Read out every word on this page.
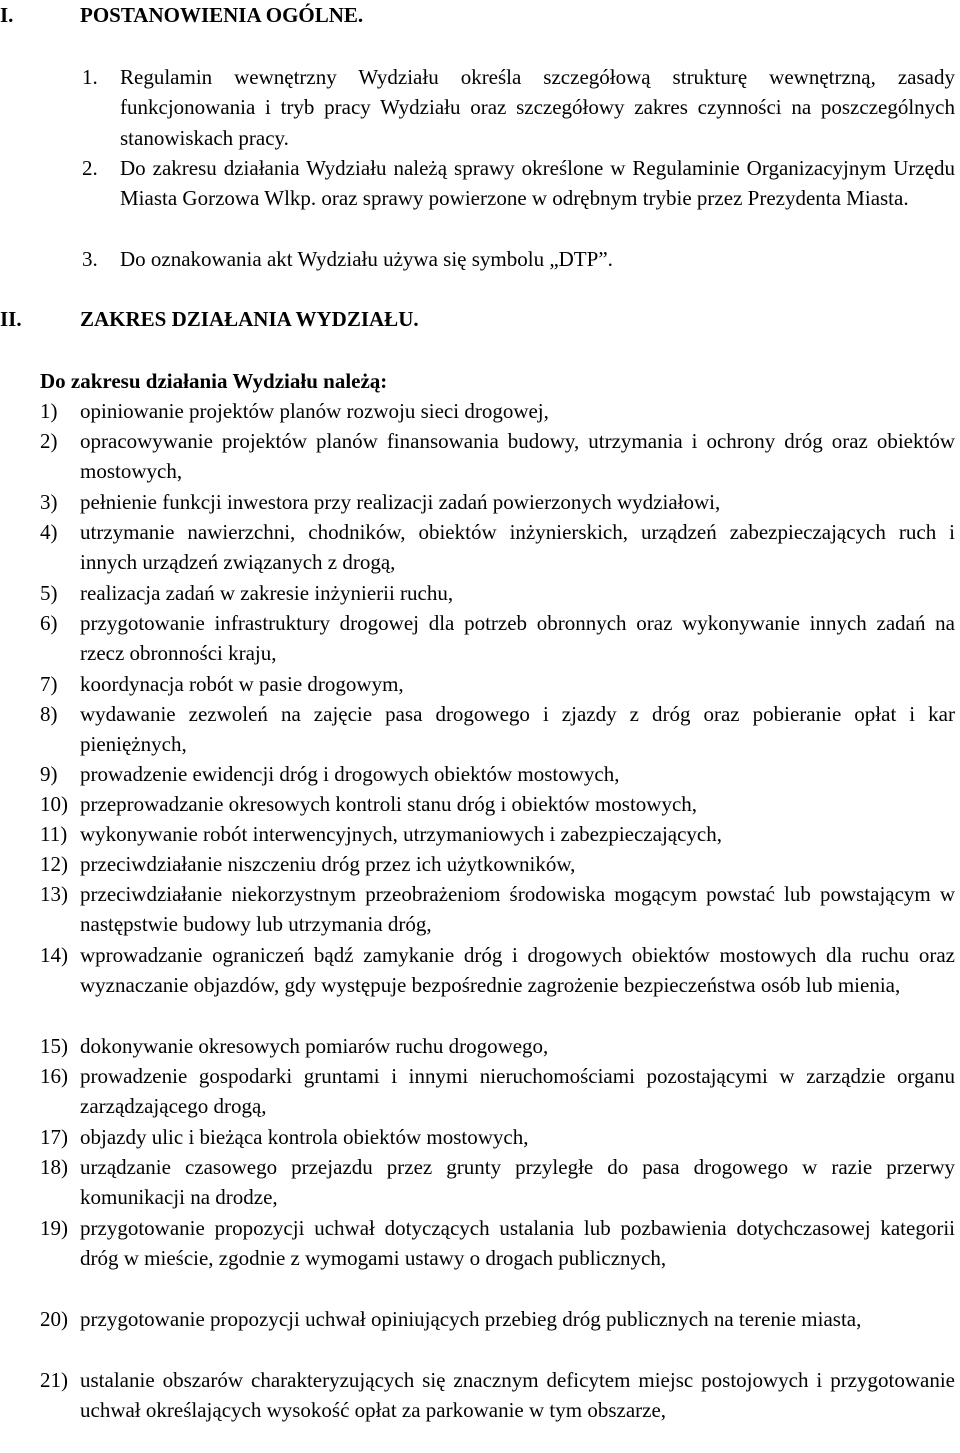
I.	POSTANOWIENIA OGÓLNE.
1. Regulamin wewnętrzny Wydziału określa szczegółową strukturę wewnętrzną, zasady funkcjonowania i tryb pracy Wydziału oraz szczegółowy zakres czynności na poszczególnych stanowiskach pracy.
2. Do zakresu działania Wydziału należą sprawy określone w Regulaminie Organizacyjnym Urzędu Miasta Gorzowa Wlkp. oraz sprawy powierzone w odrębnym trybie przez Prezydenta Miasta.
3. Do oznakowania akt Wydziału używa się symbolu „DTP”.
II.	ZAKRES DZIAŁANIA WYDZIAŁU.
Do zakresu działania Wydziału należą:
1) opiniowanie projektów planów rozwoju sieci drogowej,
2) opracowywanie projektów planów finansowania budowy, utrzymania i ochrony dróg oraz obiektów mostowych,
3) pełnienie funkcji inwestora przy realizacji zadań powierzonych wydziałowi,
4) utrzymanie nawierzchni, chodników, obiektów inżynierskich, urządzeń zabezpieczających ruch i innych urządzeń związanych z drogą,
5) realizacja zadań w zakresie inżynierii ruchu,
6) przygotowanie infrastruktury drogowej dla potrzeb obronnych oraz wykonywanie innych zadań na rzecz obronności kraju,
7) koordynacja robót w pasie drogowym,
8) wydawanie zezwoleń na zajęcie pasa drogowego i zjazdy z dróg oraz pobieranie opłat i kar pieniężnych,
9) prowadzenie ewidencji dróg i drogowych obiektów mostowych,
10) przeprowadzanie okresowych kontroli stanu dróg i obiektów mostowych,
11) wykonywanie robót interwencyjnych, utrzymaniowych i zabezpieczających,
12) przeciwdziałanie niszczeniu dróg przez ich użytkowników,
13) przeciwdziałanie niekorzystnym przeobrażeniom środowiska mogącym powstać lub powstającym w następstwie budowy lub utrzymania dróg,
14) wprowadzanie ograniczeń bądź zamykanie dróg i drogowych obiektów mostowych dla ruchu oraz wyznaczanie objazdów, gdy występuje bezpośrednie zagrożenie bezpieczeństwa osób lub mienia,
15) dokonywanie okresowych pomiarów ruchu drogowego,
16) prowadzenie gospodarki gruntami i innymi nieruchomościami pozostającymi w zarządzie organu zarządzającego drogą,
17) objazdy ulic i bieżąca kontrola obiektów mostowych,
18) urządzanie czasowego przejazdu przez grunty przyległe do pasa drogowego w razie przerwy komunikacji na drodze,
19) przygotowanie propozycji uchwał dotyczących ustalania lub pozbawienia dotychczasowej kategorii dróg w mieście, zgodnie z wymogami ustawy o drogach publicznych,
20) przygotowanie propozycji uchwał opiniujących przebieg dróg publicznych na terenie miasta,
21) ustalanie obszarów charakteryzujących się znacznym deficytem miejsc postojowych i przygotowanie uchwał określających wysokość opłat za parkowanie w tym obszarze,
